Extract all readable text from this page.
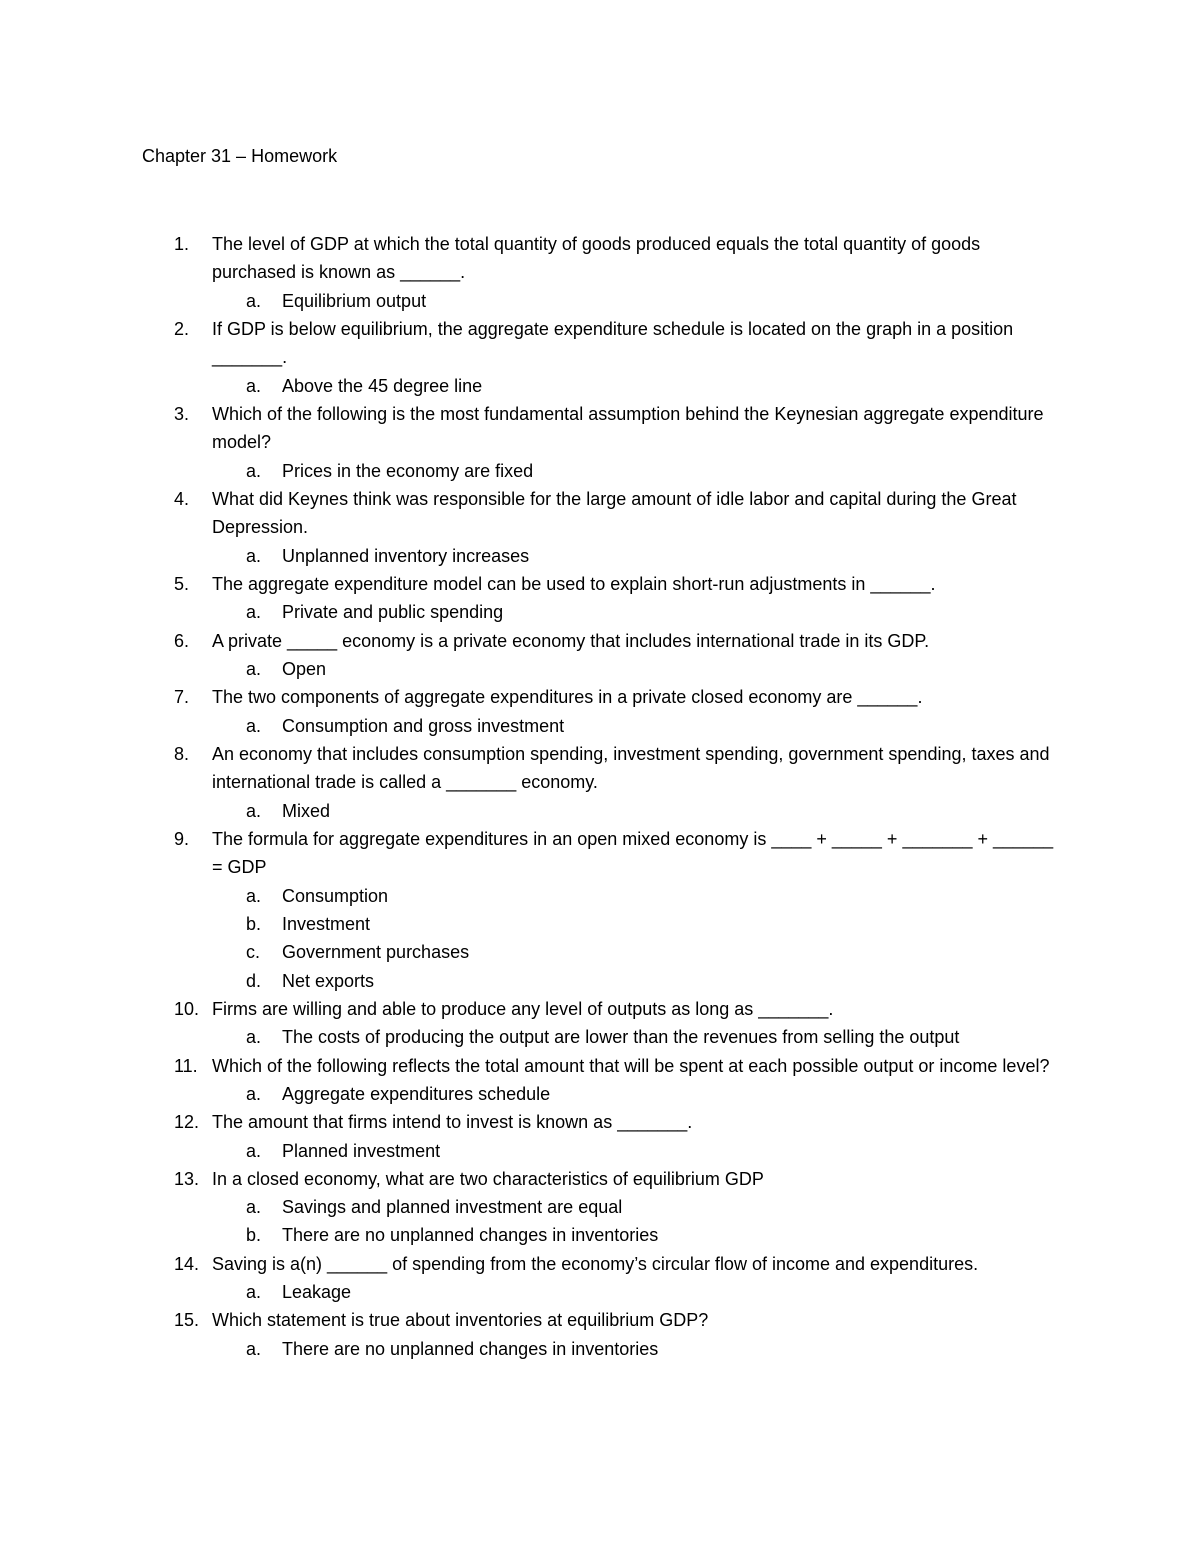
Chapter 31 – Homework
1. The level of GDP at which the total quantity of goods produced equals the total quantity of goods purchased is known as ______.
a. Equilibrium output
2. If GDP is below equilibrium, the aggregate expenditure schedule is located on the graph in a position _______.
a. Above the 45 degree line
3. Which of the following is the most fundamental assumption behind the Keynesian aggregate expenditure model?
a. Prices in the economy are fixed
4. What did Keynes think was responsible for the large amount of idle labor and capital during the Great Depression.
a. Unplanned inventory increases
5. The aggregate expenditure model can be used to explain short-run adjustments in ______.
a. Private and public spending
6. A private _____ economy is a private economy that includes international trade in its GDP.
a. Open
7. The two components of aggregate expenditures in a private closed economy are ______.
a. Consumption and gross investment
8. An economy that includes consumption spending, investment spending, government spending, taxes and international trade is called a _______ economy.
a. Mixed
9. The formula for aggregate expenditures in an open mixed economy is ____ + _____ + _______ + ______ = GDP
a. Consumption
b. Investment
c. Government purchases
d. Net exports
10. Firms are willing and able to produce any level of outputs as long as _______.
a. The costs of producing the output are lower than the revenues from selling the output
11. Which of the following reflects the total amount that will be spent at each possible output or income level?
a. Aggregate expenditures schedule
12. The amount that firms intend to invest is known as _______.
a. Planned investment
13. In a closed economy, what are two characteristics of equilibrium GDP
a. Savings and planned investment are equal
b. There are no unplanned changes in inventories
14. Saving is a(n) ______ of spending from the economy’s circular flow of income and expenditures.
a. Leakage
15. Which statement is true about inventories at equilibrium GDP?
a. There are no unplanned changes in inventories
